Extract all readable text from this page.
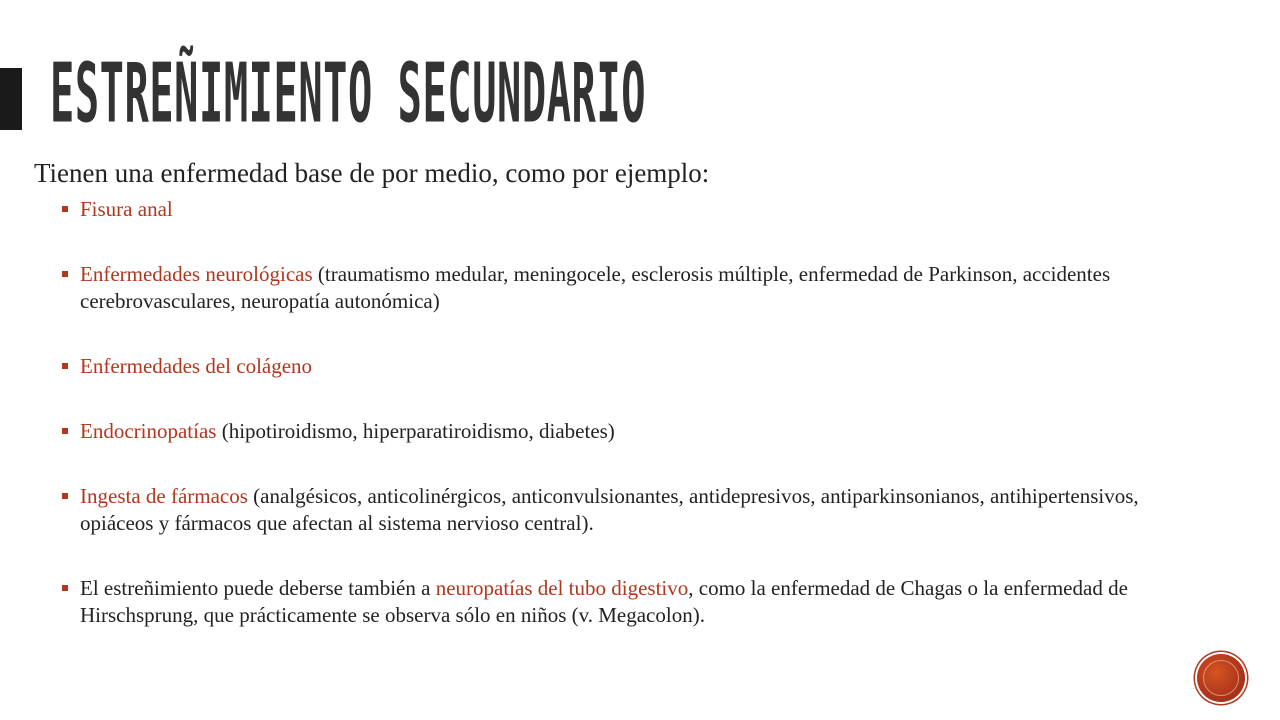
ESTREÑIMIENTO SECUNDARIO
Tienen una enfermedad base de por medio, como por ejemplo:
Fisura anal
Enfermedades neurológicas (traumatismo medular, meningocele, esclerosis múltiple, enfermedad de Parkinson, accidentes cerebrovasculares, neuropatía autonómica)
Enfermedades del colágeno
Endocrinopatías (hipotiroidismo, hiperparatiroidismo, diabetes)
Ingesta de fármacos (analgésicos, anticolinérgicos, anticonvulsionantes, antidepresivos, antiparkinsonianos, antihipertensivos, opiáceos y fármacos que afectan al sistema nervioso central).
El estreñimiento puede deberse también a neuropatías del tubo digestivo, como la enfermedad de Chagas o la enfermedad de Hirschsprung, que prácticamente se observa sólo en niños (v. Megacolon).
